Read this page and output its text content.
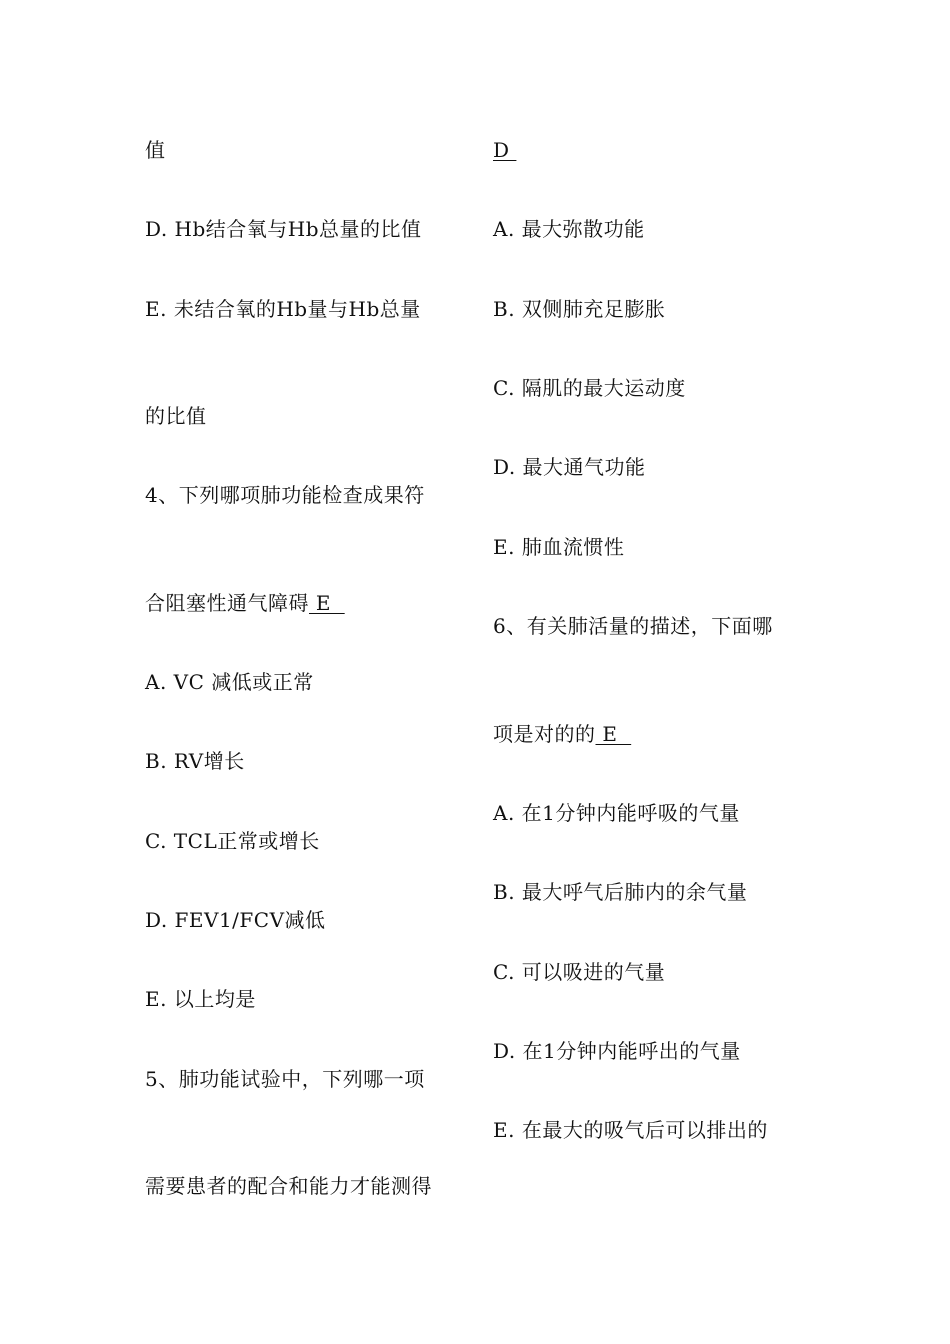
值
D. Hb结合氧与Hb总量的比值
E. 未结合氧的Hb量与Hb总量
的比值
4、下列哪项肺功能检查成果符
合阻塞性通气障碍 E
A. VC 减低或正常
B. RV增长
C. TCL正常或增长
D. FEV1/FCV减低
E. 以上均是
5、肺功能试验中，下列哪一项
需要患者的配合和能力才能测得
D
A. 最大弥散功能
B. 双侧肺充足膨胀
C. 隔肌的最大运动度
D. 最大通气功能
E. 肺血流惯性
6、有关肺活量的描述，下面哪
项是对的的 E
A. 在1分钟内能呼吸的气量
B. 最大呼气后肺内的余气量
C. 可以吸进的气量
D. 在1分钟内能呼出的气量
E. 在最大的吸气后可以排出的
